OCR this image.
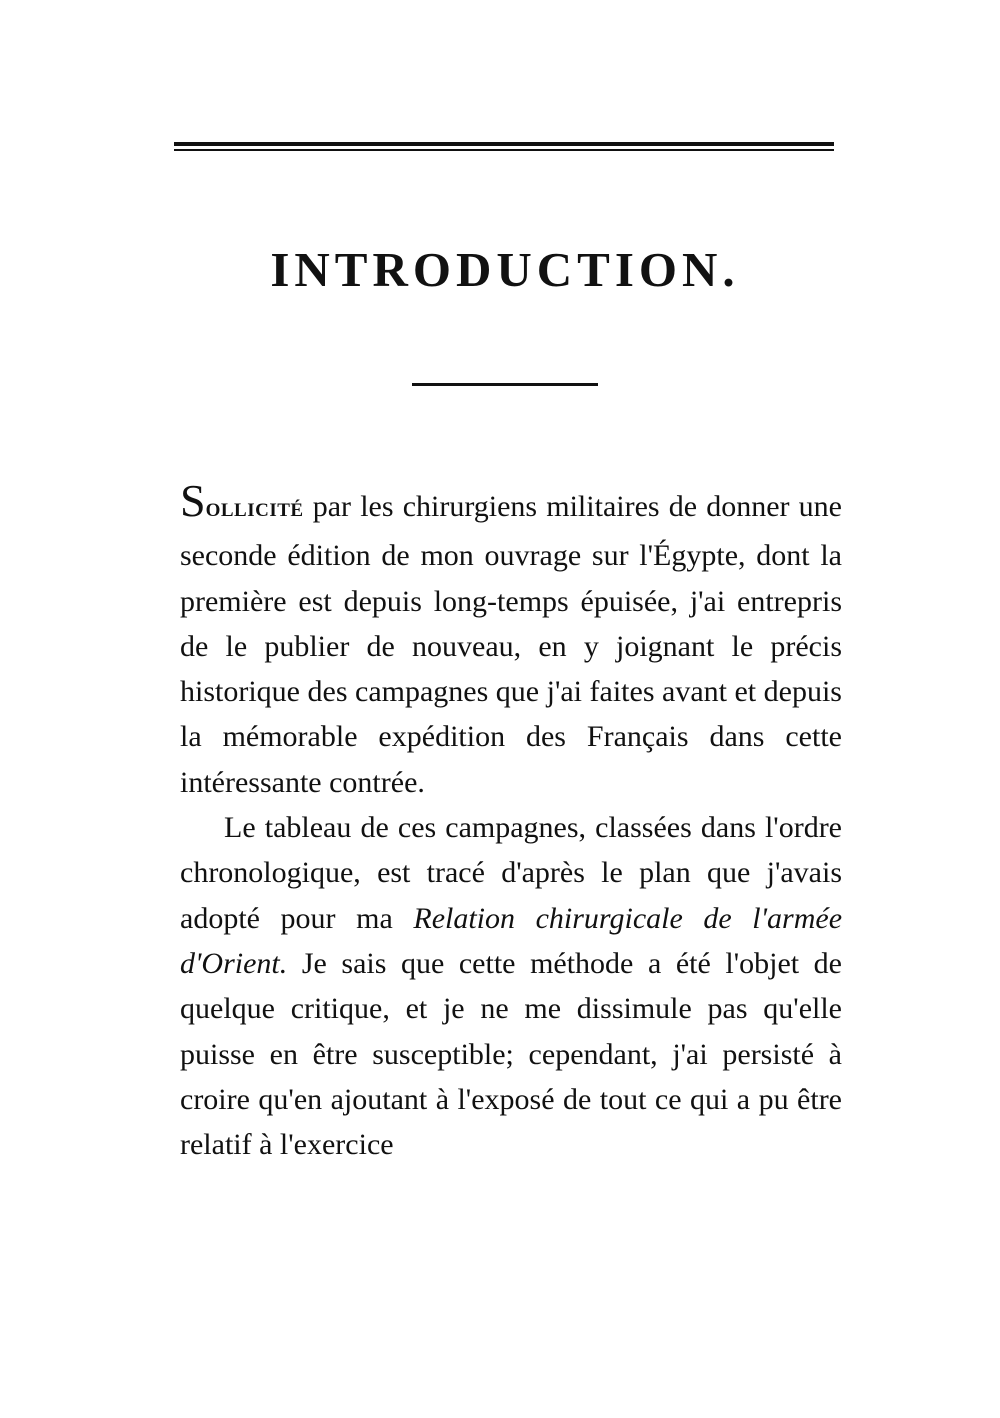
INTRODUCTION.

SOLLICITÉ par les chirurgiens militaires de donner une seconde édition de mon ouvrage sur l'Égypte, dont la première est depuis long-temps épuisée, j'ai entrepris de le publier de nouveau, en y joignant le précis historique des campagnes que j'ai faites avant et depuis la mémorable expédition des Français dans cette intéressante contrée.

Le tableau de ces campagnes, classées dans l'ordre chronologique, est tracé d'après le plan que j'avais adopté pour ma Relation chirurgicale de l'armée d'Orient. Je sais que cette méthode a été l'objet de quelque critique, et je ne me dissimule pas qu'elle puisse en être susceptible; cependant, j'ai persisté à croire qu'en ajoutant à l'exposé de tout ce qui a pu être relatif à l'exercice
